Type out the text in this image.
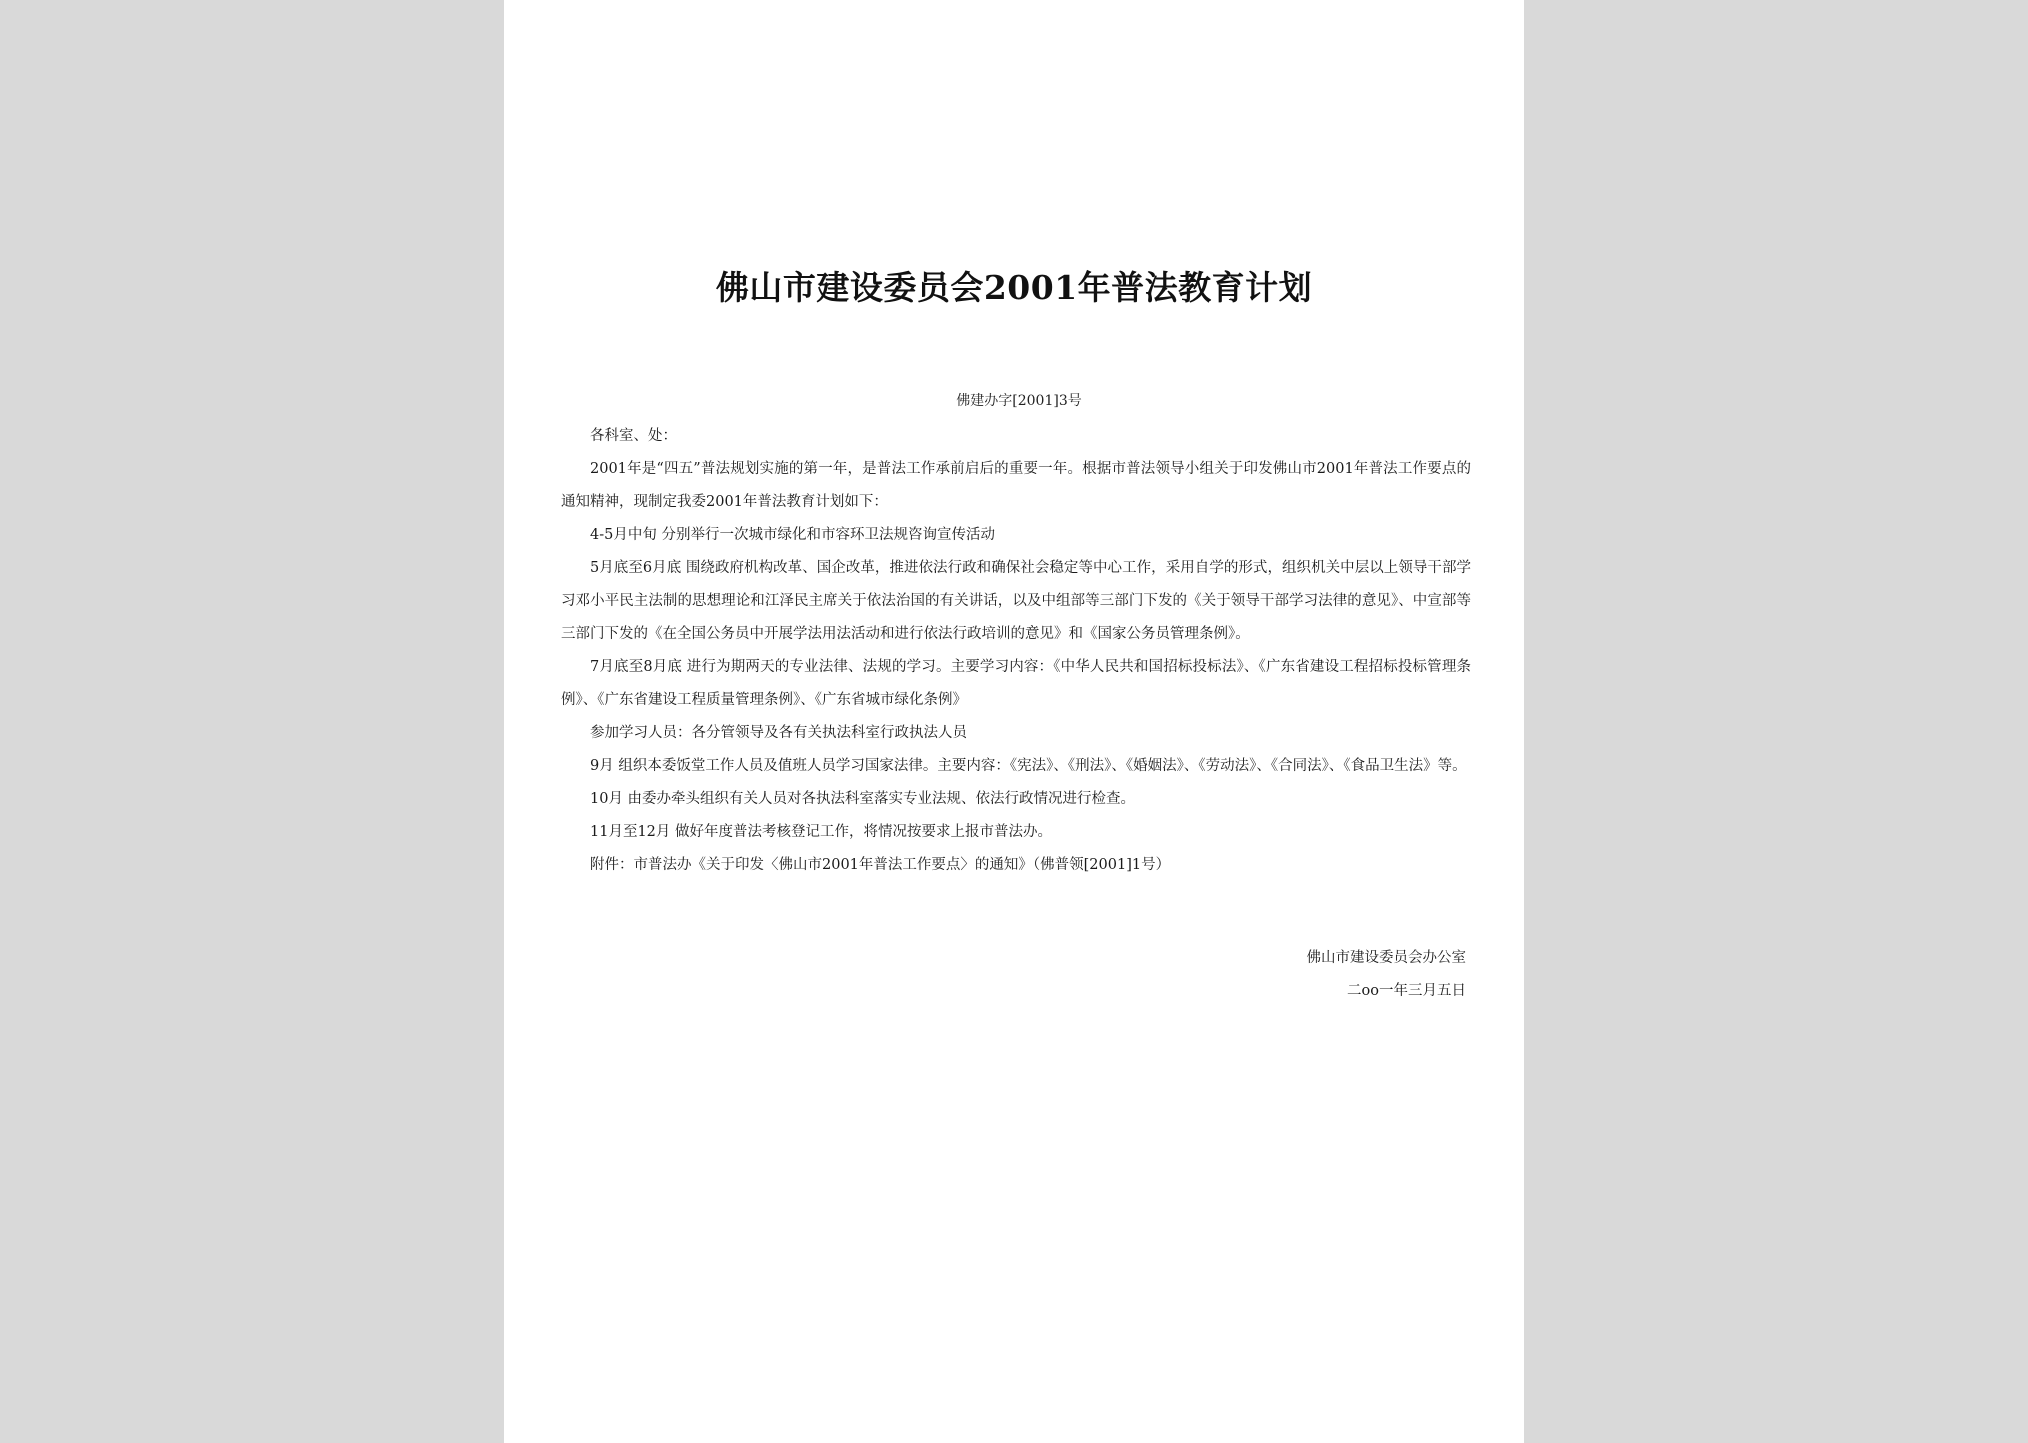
佛山市建设委员会2001年普法教育计划
佛建办字[2001]3号

各科室、处：

2001年是“四五”普法规划实施的第一年，是普法工作承前启后的重要一年。根据市普法领导小组关于印发佛山市2001年普法工作要点的通知精神，现制定我委2001年普法教育计划如下：

4-5月中旬 分别举行一次城市绿化和市容环卫法规咨询宣传活动

5月底至6月底 围绕政府机构改革、国企改革，推进依法行政和确保社会稳定等中心工作，采用自学的形式，组织机关中层以上领导干部学习邓小平民主法制的思想理论和江泽民主席关于依法治国的有关讲话，以及中组部等三部门下发的《关于领导干部学习法律的意见》、中宣部等三部门下发的《在全国公务员中开展学法用法活动和进行依法行政培训的意见》和《国家公务员管理条例》。

7月底至8月底 进行为期两天的专业法律、法规的学习。主要学习内容：《中华人民共和国招标投标法》、《广东省建设工程招标投标管理条例》、《广东省建设工程质量管理条例》、《广东省城市绿化条例》

参加学习人员：各分管领导及各有关执法科室行政执法人员

9月 组织本委饭堂工作人员及值班人员学习国家法律。主要内容：《宪法》、《刑法》、《婚姻法》、《劳动法》、《合同法》、《食品卫生法》等。

10月 由委办牵头组织有关人员对各执法科室落实专业法规、依法行政情况进行检查。

11月至12月 做好年度普法考核登记工作，将情况按要求上报市普法办。

附件：市普法办《关于印发〈佛山市2001年普法工作要点〉的通知》（佛普领[2001]1号）

佛山市建设委员会办公室
二oo一年三月五日
